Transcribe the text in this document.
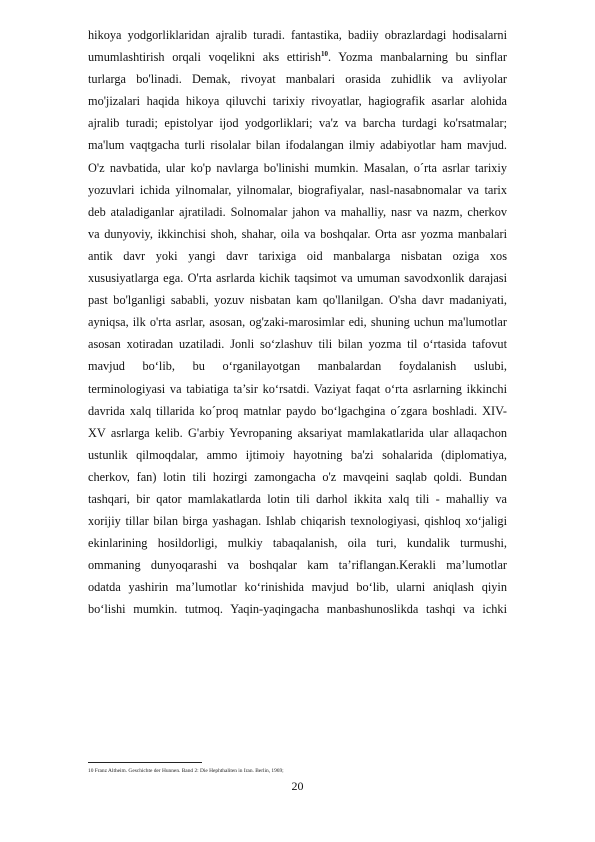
hikoya yodgorliklaridan ajralib turadi. fantastika, badiiy obrazlardagi hodisalarni
umumlashtirish orqali voqelikni aks ettirish$^{10}$. Yozma manbalarning bu sinflar
turlarga bo'linadi. Demak, rivoyat manbalari orasida zuhidlik va avliyolar
mo'jizalari haqida hikoya qiluvchi tarixiy rivoyatlar, hagiografik asarlar alohida
ajralib turadi; epistolyar ijod yodgorliklari; va'z va barcha turdagi ko'rsatmalar;
ma'lum vaqtgacha turli risolalar bilan ifodalangan ilmiy adabiyotlar ham mavjud.
O'z navbatida, ular ko'p navlarga bo'linishi mumkin. Masalan, o´rta asrlar tarixiy
yozuvlari ichida yilnomalar, yilnomalar, biografiyalar, nasl-nasabnomalar va tarix
deb ataladiganlar ajratiladi. Solnomalar jahon va mahalliy, nasr va nazm, cherkov
va dunyoviy, ikkinchisi shoh, shahar, oila va boshqalar. Orta asr yozma manbalari
antik davr yoki yangi davr tarixiga oid manbalarga nisbatan oziga xos
xususiyatlarga ega. O'rta asrlarda kichik taqsimot va umuman savodxonlik darajasi
past bo'lganligi sababli, yozuv nisbatan kam qo'llanilgan. O'sha davr madaniyati,
ayniqsa, ilk o'rta asrlar, asosan, og'zaki-marosimlar edi, shuning uchun ma'lumotlar
asosan xotiradan uzatiladi. Jonli so‘zlashuv tili bilan yozma til o‘rtasida tafovut
mavjud bo‘lib, bu o‘rganilayotgan manbalardan foydalanish uslubi,
terminologiyasi va tabiatiga ta’sir ko‘rsatdi. Vaziyat faqat o‘rta asrlarning ikkinchi
davrida xalq tillarida ko´proq matnlar paydo bo‘lgachgina o´zgara boshladi. XIV-
XV asrlarga kelib. G'arbiy Yevropaning aksariyat mamlakatlarida ular allaqachon
ustunlik qilmoqdalar, ammo ijtimoiy hayotning ba'zi sohalarida (diplomatiya,
cherkov, fan) lotin tili hozirgi zamongacha o'z mavqeini saqlab qoldi. Bundan
tashqari, bir qator mamlakatlarda lotin tili darhol ikkita xalq tili - mahalliy va
xorijiy tillar bilan birga yashagan. Ishlab chiqarish texnologiyasi, qishloq xo‘jaligi
ekinlarining hosildorligi, mulkiy tabaqalanish, oila turi, kundalik turmushi,
ommaning dunyoqarashi va boshqalar kam ta’riflangan.Kerakli ma’lumotlar
odatda yashirin ma’lumotlar ko‘rinishida mavjud bo‘lib, ularni aniqlash qiyin
bo‘lishi mumkin. tutmoq. Yaqin-yaqingacha manbashunoslikda tashqi va ichki
10 Franz Altheim. Geschichte der Hunnen. Band 2: Die Hephthaliten in Iran. Berlin, 1969;
20
